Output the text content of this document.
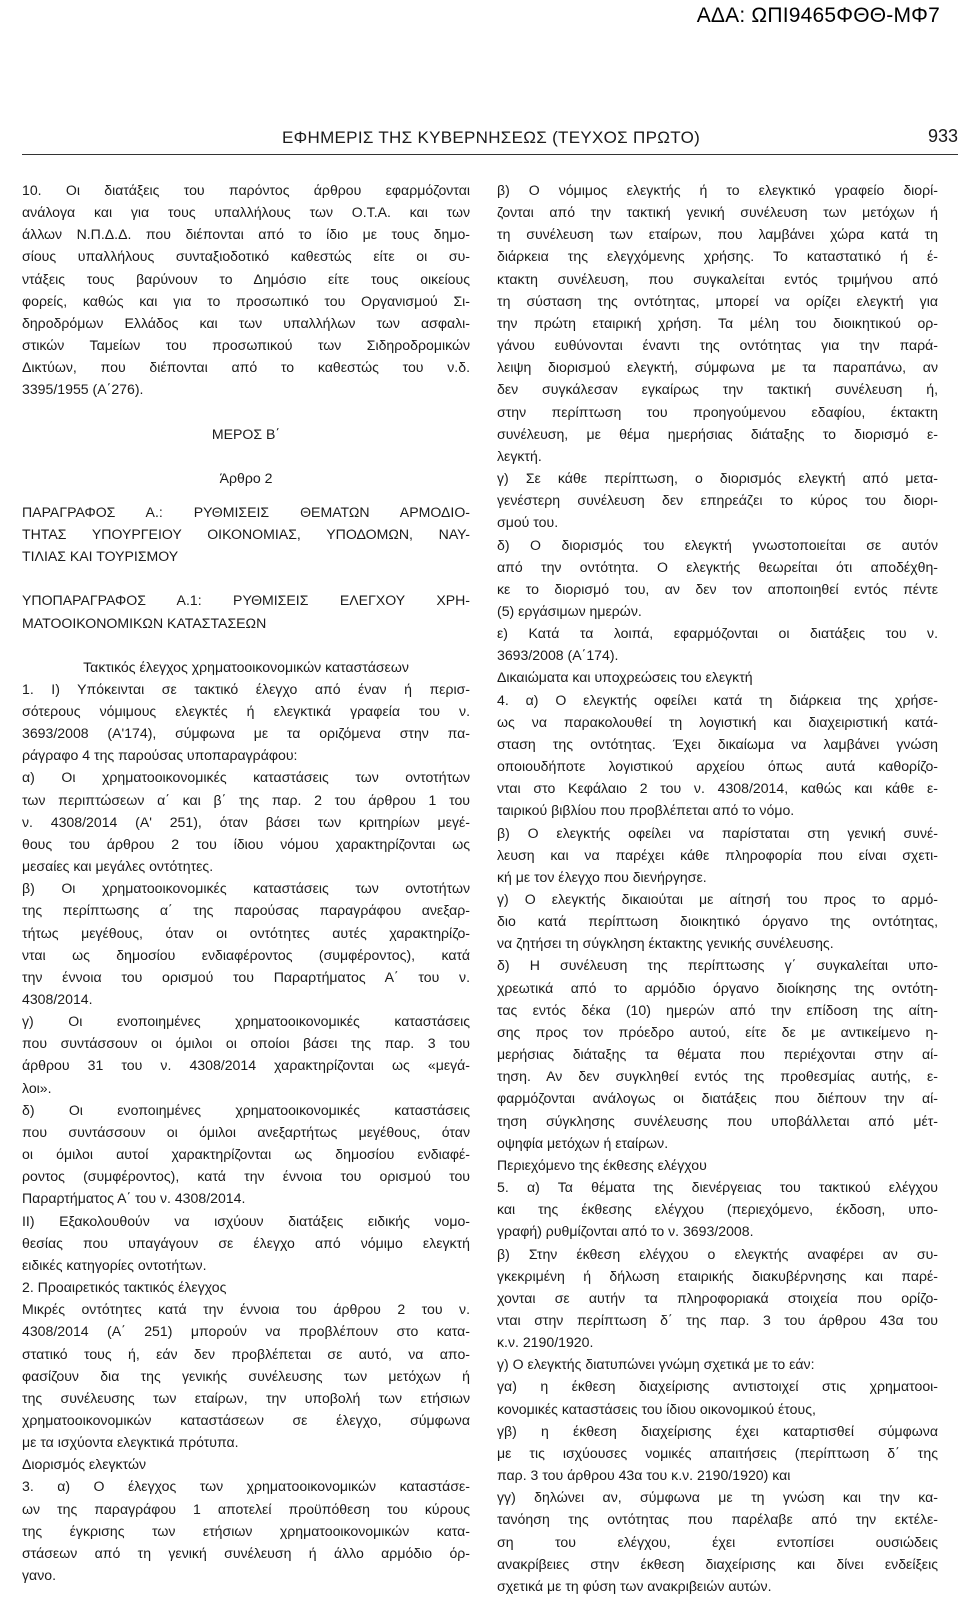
ΑΔΑ: ΩΠΙ9465ΦΘΘ-ΜΦ7
ΕΦΗΜΕΡΙΣ ΤΗΣ ΚΥΒΕΡΝΗΣΕΩΣ (ΤΕΥΧΟΣ ΠΡΩΤΟ)	933
10. Οι διατάξεις του παρόντος άρθρου εφαρμόζονται
ανάλογα και για τους υπαλλήλους των Ο.Τ.Α. και των
άλλων Ν.Π.Δ.Δ. που διέπονται από το ίδιο με τους δημο-
σίους υπαλλήλους συνταξιοδοτικό καθεστώς είτε οι συ-
ντάξεις τους βαρύνουν το Δημόσιο είτε τους οικείους
φορείς, καθώς και για το προσωπικό του Οργανισμού Σι-
δηροδρόμων Ελλάδος και των υπαλλήλων των ασφαλι-
στικών Ταμείων του προσωπικού των Σιδηροδρομικών
Δικτύων, που διέπονται από το καθεστώς του ν.δ.
3395/1955 (Α΄276).
ΜΕΡΟΣ Β΄
Άρθρο 2
ΠΑΡΑΓΡΑΦΟΣ Α.: ΡΥΘΜΙΣΕΙΣ ΘΕΜΑΤΩΝ ΑΡΜΟΔΙΟ-
ΤΗΤΑΣ ΥΠΟΥΡΓΕΙΟΥ ΟΙΚΟΝΟΜΙΑΣ, ΥΠΟΔΟΜΩΝ, ΝΑΥ-
ΤΙΛΙΑΣ ΚΑΙ ΤΟΥΡΙΣΜΟΥ
ΥΠΟΠΑΡΑΓΡΑΦΟΣ Α.1: ΡΥΘΜΙΣΕΙΣ ΕΛΕΓΧΟΥ ΧΡΗ-
ΜΑΤΟΟΙΚΟΝΟΜΙΚΩΝ ΚΑΤΑΣΤΑΣΕΩΝ
Τακτικός έλεγχος χρηματοοικονομικών καταστάσεων
1. Ι) Υπόκεινται σε τακτικό έλεγχο από έναν ή περισ-
σότερους νόμιμους ελεγκτές ή ελεγκτικά γραφεία του ν.
3693/2008 (Α'174), σύμφωνα με τα οριζόμενα στην πα-
ράγραφο 4 της παρούσας υποπαραγράφου:
α) Οι χρηματοοικονομικές καταστάσεις των οντοτήτων
των περιπτώσεων α΄ και β΄ της παρ. 2 του άρθρου 1 του
ν. 4308/2014 (Α' 251), όταν βάσει των κριτηρίων μεγέ-
θους του άρθρου 2 του ίδιου νόμου χαρακτηρίζονται ως
μεσαίες και μεγάλες οντότητες.
β) Οι χρηματοοικονομικές καταστάσεις των οντοτήτων
της περίπτωσης α΄ της παρούσας παραγράφου ανεξαρ-
τήτως μεγέθους, όταν οι οντότητες αυτές χαρακτηρίζο-
νται ως δημοσίου ενδιαφέροντος (συμφέροντος), κατά
την έννοια του ορισμού του Παραρτήματος Α΄ του ν.
4308/2014.
γ) Οι ενοποιημένες χρηματοοικονομικές καταστάσεις
που συντάσσουν οι όμιλοι οι οποίοι βάσει της παρ. 3 του
άρθρου 31 του ν. 4308/2014 χαρακτηρίζονται ως «μεγά-
λοι».
δ) Οι ενοποιημένες χρηματοοικονομικές καταστάσεις
που συντάσσουν οι όμιλοι ανεξαρτήτως μεγέθους, όταν
οι όμιλοι αυτοί χαρακτηρίζονται ως δημοσίου ενδιαφέ-
ροντος (συμφέροντος), κατά την έννοια του ορισμού του
Παραρτήματος Α΄ του ν. 4308/2014.
ΙΙ) Εξακολουθούν να ισχύουν διατάξεις ειδικής νομο-
θεσίας που υπαγάγουν σε έλεγχο από νόμιμο ελεγκτή
ειδικές κατηγορίες οντοτήτων.
2. Προαιρετικός τακτικός έλεγχος
Μικρές οντότητες κατά την έννοια του άρθρου 2 του ν.
4308/2014 (Α΄ 251) μπορούν να προβλέπουν στο κατα-
στατικό τους ή, εάν δεν προβλέπεται σε αυτό, να απο-
φασίζουν δια της γενικής συνέλευσης των μετόχων ή
της συνέλευσης των εταίρων, την υποβολή των ετήσιων
χρηματοοικονομικών καταστάσεων σε έλεγχο, σύμφωνα
με τα ισχύοντα ελεγκτικά πρότυπα.
Διορισμός ελεγκτών
3. α) Ο έλεγχος των χρηματοοικονομικών καταστάσε-
ων της παραγράφου 1 αποτελεί προϋπόθεση του κύρους
της έγκρισης των ετήσιων χρηματοοικονομικών κατα-
στάσεων από τη γενική συνέλευση ή άλλο αρμόδιο όρ-
γανο.
β) Ο νόμιμος ελεγκτής ή το ελεγκτικό γραφείο διορί-
ζονται από την τακτική γενική συνέλευση των μετόχων ή
τη συνέλευση των εταίρων, που λαμβάνει χώρα κατά τη
διάρκεια της ελεγχόμενης χρήσης. Το καταστατικό ή έ-
κτακτη συνέλευση, που συγκαλείται εντός τριμήνου από
τη σύσταση της οντότητας, μπορεί να ορίζει ελεγκτή για
την πρώτη εταιρική χρήση. Τα μέλη του διοικητικού ορ-
γάνου ευθύνονται έναντι της οντότητας για την παρά-
λειψη διορισμού ελεγκτή, σύμφωνα με τα παραπάνω, αν
δεν συγκάλεσαν εγκαίρως την τακτική συνέλευση ή,
στην περίπτωση του προηγούμενου εδαφίου, έκτακτη
συνέλευση, με θέμα ημερήσιας διάταξης το διορισμό ε-
λεγκτή.
γ) Σε κάθε περίπτωση, ο διορισμός ελεγκτή από μετα-
γενέστερη συνέλευση δεν επηρεάζει το κύρος του διορι-
σμού του.
δ) Ο διορισμός του ελεγκτή γνωστοποιείται σε αυτόν
από την οντότητα. Ο ελεγκτής θεωρείται ότι αποδέχθη-
κε το διορισμό του, αν δεν τον αποποιηθεί εντός πέντε
(5) εργάσιμων ημερών.
ε) Κατά τα λοιπά, εφαρμόζονται οι διατάξεις του ν.
3693/2008 (Α΄174).
Δικαιώματα και υποχρεώσεις του ελεγκτή
4. α) Ο ελεγκτής οφείλει κατά τη διάρκεια της χρήσε-
ως να παρακολουθεί τη λογιστική και διαχειριστική κατά-
σταση της οντότητας. Έχει δικαίωμα να λαμβάνει γνώση
οποιουδήποτε λογιστικού αρχείου όπως αυτά καθορίζο-
νται στο Κεφάλαιο 2 του ν. 4308/2014, καθώς και κάθε ε-
ταιρικού βιβλίου που προβλέπεται από το νόμο.
β) Ο ελεγκτής οφείλει να παρίσταται στη γενική συνέ-
λευση και να παρέχει κάθε πληροφορία που είναι σχετι-
κή με τον έλεγχο που διενήργησε.
γ) Ο ελεγκτής δικαιούται με αίτησή του προς το αρμό-
διο κατά περίπτωση διοικητικό όργανο της οντότητας,
να ζητήσει τη σύγκληση έκτακτης γενικής συνέλευσης.
δ) Η συνέλευση της περίπτωσης γ΄ συγκαλείται υπο-
χρεωτικά από το αρμόδιο όργανο διοίκησης της οντότη-
τας εντός δέκα (10) ημερών από την επίδοση της αίτη-
σης προς τον πρόεδρο αυτού, είτε δε με αντικείμενο η-
μερήσιας διάταξης τα θέματα που περιέχονται στην αί-
τηση. Αν δεν συγκληθεί εντός της προθεσμίας αυτής, ε-
φαρμόζονται ανάλογως οι διατάξεις που διέπουν την αί-
τηση σύγκλησης συνέλευσης που υποβάλλεται από μέτ-
οψηφία μετόχων ή εταίρων.
Περιεχόμενο της έκθεσης ελέγχου
5. α) Τα θέματα της διενέργειας του τακτικού ελέγχου
και της έκθεσης ελέγχου (περιεχόμενο, έκδοση, υπο-
γραφή) ρυθμίζονται από το ν. 3693/2008.
β) Στην έκθεση ελέγχου ο ελεγκτής αναφέρει αν συ-
γκεκριμένη ή δήλωση εταιρικής διακυβέρνησης και παρέ-
χονται σε αυτήν τα πληροφοριακά στοιχεία που ορίζο-
νται στην περίπτωση δ΄ της παρ. 3 του άρθρου 43α του
κ.ν. 2190/1920.
γ) Ο ελεγκτής διατυπώνει γνώμη σχετικά με το εάν:
γα) η έκθεση διαχείρισης αντιστοιχεί στις χρηματοοι-
κονομικές καταστάσεις του ίδιου οικονομικού έτους,
γβ) η έκθεση διαχείρισης έχει καταρτισθεί σύμφωνα
με τις ισχύουσες νομικές απαιτήσεις (περίπτωση δ΄ της
παρ. 3 του άρθρου 43α του κ.ν. 2190/1920) και
γγ) δηλώνει αν, σύμφωνα με τη γνώση και την κα-
τανόηση της οντότητας που παρέλαβε από την εκτέλε-
ση του ελέγχου, έχει εντοπίσει ουσιώδεις
ανακρίβειες στην έκθεση διαχείρισης και δίνει ενδείξεις
σχετικά με τη φύση των ανακριβειών αυτών.
